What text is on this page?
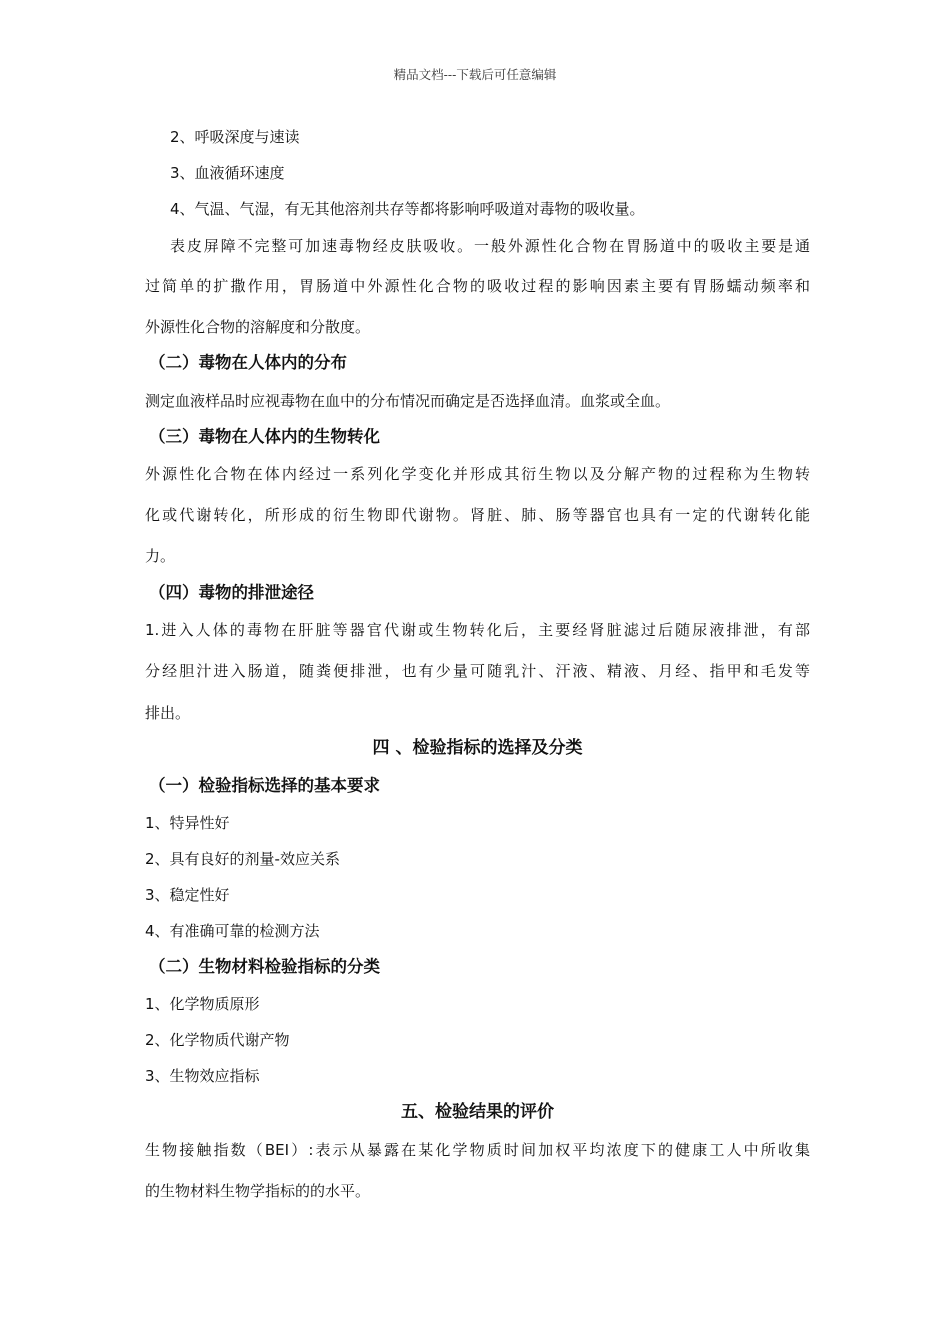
精品文档---下载后可任意编辑
2、呼吸深度与速读
3、血液循环速度
4、气温、气湿，有无其他溶剂共存等都将影响呼吸道对毒物的吸收量。
表皮屏障不完整可加速毒物经皮肤吸收。一般外源性化合物在胃肠道中的吸收主要是通
过简单的扩撒作用，胃肠道中外源性化合物的吸收过程的影响因素主要有胃肠蠕动频率和
外源性化合物的溶解度和分散度。
（二）毒物在人体内的分布
测定血液样品时应视毒物在血中的分布情况而确定是否选择血清。血浆或全血。
（三）毒物在人体内的生物转化
外源性化合物在体内经过一系列化学变化并形成其衍生物以及分解产物的过程称为生物转
化或代谢转化，所形成的衍生物即代谢物。肾脏、肺、肠等器官也具有一定的代谢转化能
力。
（四）毒物的排泄途径
1.进入人体的毒物在肝脏等器官代谢或生物转化后，主要经肾脏滤过后随尿液排泄，有部
分经胆汁进入肠道，随粪便排泄，也有少量可随乳汁、汗液、精液、月经、指甲和毛发等
排出。
四 、检验指标的选择及分类
（一）检验指标选择的基本要求
1、特异性好
2、具有良好的剂量-效应关系
3、稳定性好
4、有准确可靠的检测方法
（二）生物材料检验指标的分类
1、化学物质原形
2、化学物质代谢产物
3、生物效应指标
五、检验结果的评价
生物接触指数（BEI）:表示从暴露在某化学物质时间加权平均浓度下的健康工人中所收集
的生物材料生物学指标的的水平。
